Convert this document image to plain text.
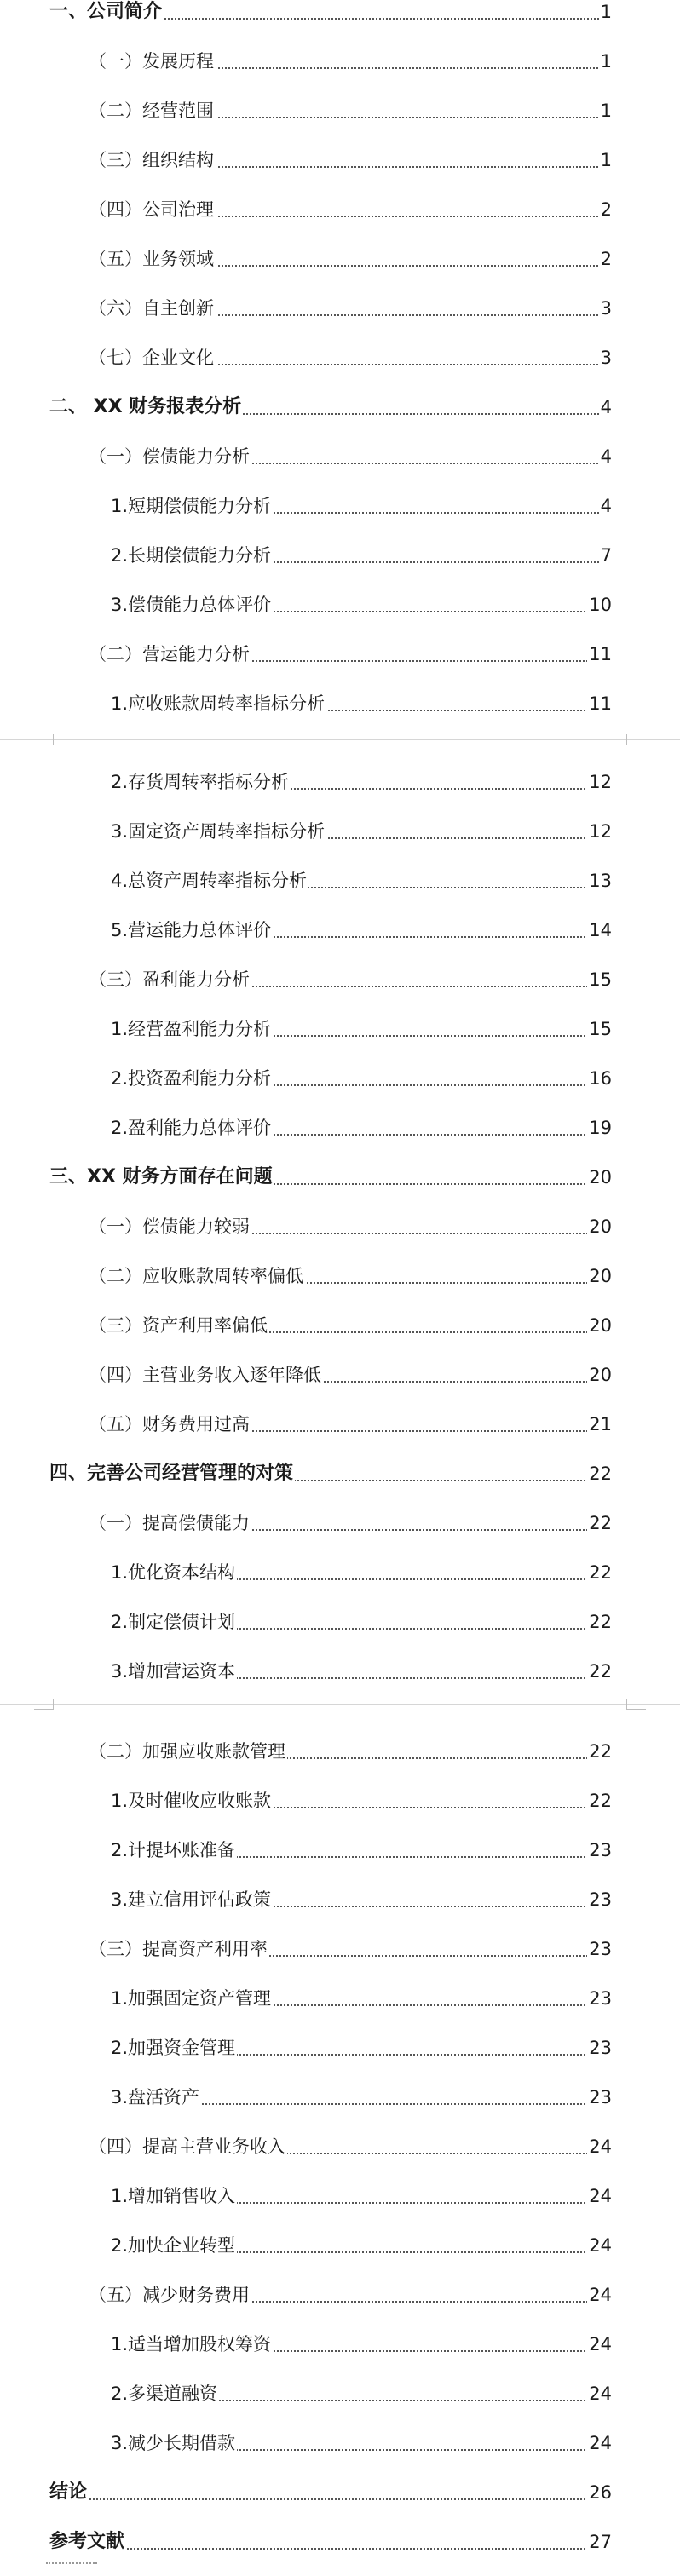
一、公司简介	1
（一）发展历程	1
（二）经营范围	1
（三）组织结构	1
（四）公司治理	2
（五）业务领域	2
（六）自主创新	3
（七）企业文化	3
二、 XX 财务报表分析	4
（一）偿债能力分析	4
1.短期偿债能力分析	4
2.长期偿债能力分析	7
3.偿债能力总体评价	10
（二）营运能力分析	11
1.应收账款周转率指标分析	11
2.存货周转率指标分析	12
3.固定资产周转率指标分析	12
4.总资产周转率指标分析	13
5.营运能力总体评价	14
（三）盈利能力分析	15
1.经营盈利能力分析	15
2.投资盈利能力分析	16
2.盈利能力总体评价	19
三、XX 财务方面存在问题	20
（一）偿债能力较弱	20
（二）应收账款周转率偏低	20
（三）资产利用率偏低	20
（四）主营业务收入逐年降低	20
（五）财务费用过高	21
四、完善公司经营管理的对策	22
（一）提高偿债能力	22
1.优化资本结构	22
2.制定偿债计划	22
3.增加营运资本	22
（二）加强应收账款管理	22
1.及时催收应收账款	22
2.计提坏账准备	23
3.建立信用评估政策	23
（三）提高资产利用率	23
1.加强固定资产管理	23
2.加强资金管理	23
3.盘活资产	23
（四）提高主营业务收入	24
1.增加销售收入	24
2.加快企业转型	24
（五）减少财务费用	24
1.适当增加股权筹资	24
2.多渠道融资	24
3.减少长期借款	24
结论	26
参考文献	27
